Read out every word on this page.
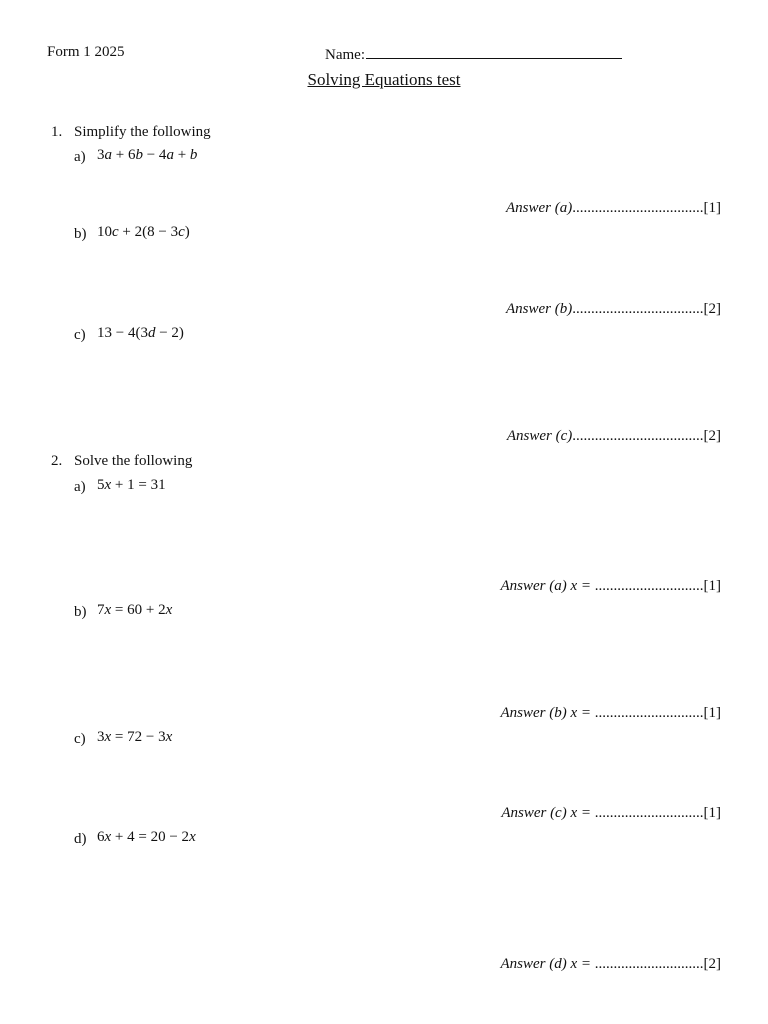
Form 1 2025	Name:
Solving Equations test
1. Simplify the following
a) 3a + 6b − 4a + b
Answer (a)...................................[1]
b) 10c + 2(8 − 3c)
Answer (b)...................................[2]
c) 13 − 4(3d − 2)
Answer (c)...................................[2]
2. Solve the following
a) 5x + 1 = 31
Answer (a) x = .............................[1]
b) 7x = 60 + 2x
Answer (b) x = .............................[1]
c) 3x = 72 − 3x
Answer (c) x = .............................[1]
d) 6x + 4 = 20 − 2x
Answer (d) x = .............................[2]
